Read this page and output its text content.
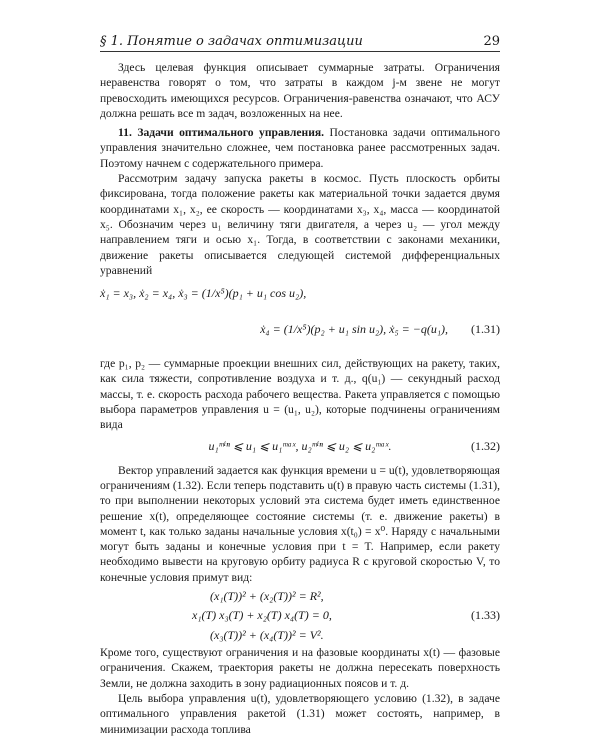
§ 1. Понятие о задачах оптимизации	29

Здесь целевая функция описывает суммарные затраты. Ограничения неравенства говорят о том, что затраты в каждом j-м звене не могут превосходить имеющихся ресурсов. Ограничения-равенства означают, что АСУ должна решать все m задач, возложенных на нее.

11. Задачи оптимального управления. Постановка задачи оптимального управления значительно сложнее, чем постановка ранее рассмотренных задач. Поэтому начнем с содержательного примера.

Рассмотрим задачу запуска ракеты в космос. Пусть плоскость орбиты фиксирована, тогда положение ракеты как материальной точки задается двумя координатами x₁, x₂, ее скорость — координатами x₃, x₄, масса — координатой x₅. Обозначим через u₁ величину тяги двигателя, а через u₂ — угол между направлением тяги и осью x₁. Тогда, в соответствии с законами механики, движение ракеты описывается следующей системой дифференциальных уравнений

ẋ₁ = x₃, ẋ₂ = x₄, ẋ₃ = (1/x⁵)(p₁ + u₁ cos u₂),
ẋ₄ = (1/x⁵)(p₂ + u₁ sin u₂), ẋ₅ = −q(u₁), (1.31)

где p₁, p₂ — суммарные проекции внешних сил, действующих на ракету, таких, как сила тяжести, сопротивление воздуха и т. д., q(u₁) — секундный расход массы, т. е. скорость расхода рабочего вещества. Ракета управляется с помощью выбора параметров управления u = (u₁, u₂), которые подчинены ограничениям вида

u₁ᵐⁱⁿ ⩽ u₁ ⩽ u₁ᵐᵃˣ, u₂ᵐⁱⁿ ⩽ u₂ ⩽ u₂ᵐᵃˣ.	(1.32)

Вектор управлений задается как функция времени u = u(t), удовлетворяющая ограничениям (1.32). Если теперь подставить u(t) в правую часть системы (1.31), то при выполнении некоторых условий эта система будет иметь единственное решение x(t), определяющее состояние системы (т. е. движение ракеты) в момент t, как только заданы начальные условия x(t₀) = x⁰. Наряду с начальными могут быть заданы и конечные условия при t = T. Например, если ракету необходимо вывести на круговую орбиту радиуса R с круговой скоростью V, то конечные условия примут вид:

(x₁(T))² + (x₂(T))² = R²,
x₁(T) x₃(T) + x₂(T) x₄(T) = 0,
(x₃(T))² + (x₄(T))² = V².
(1.33)

Кроме того, существуют ограничения и на фазовые координаты x(t) — фазовые ограничения. Скажем, траектория ракеты не должна пересекать поверхность Земли, не должна заходить в зону радиационных поясов и т. д.

Цель выбора управления u(t), удовлетворяющего условию (1.32), в задаче оптимального управления ракетой (1.31) может состоять, например, в минимизации расхода топлива
